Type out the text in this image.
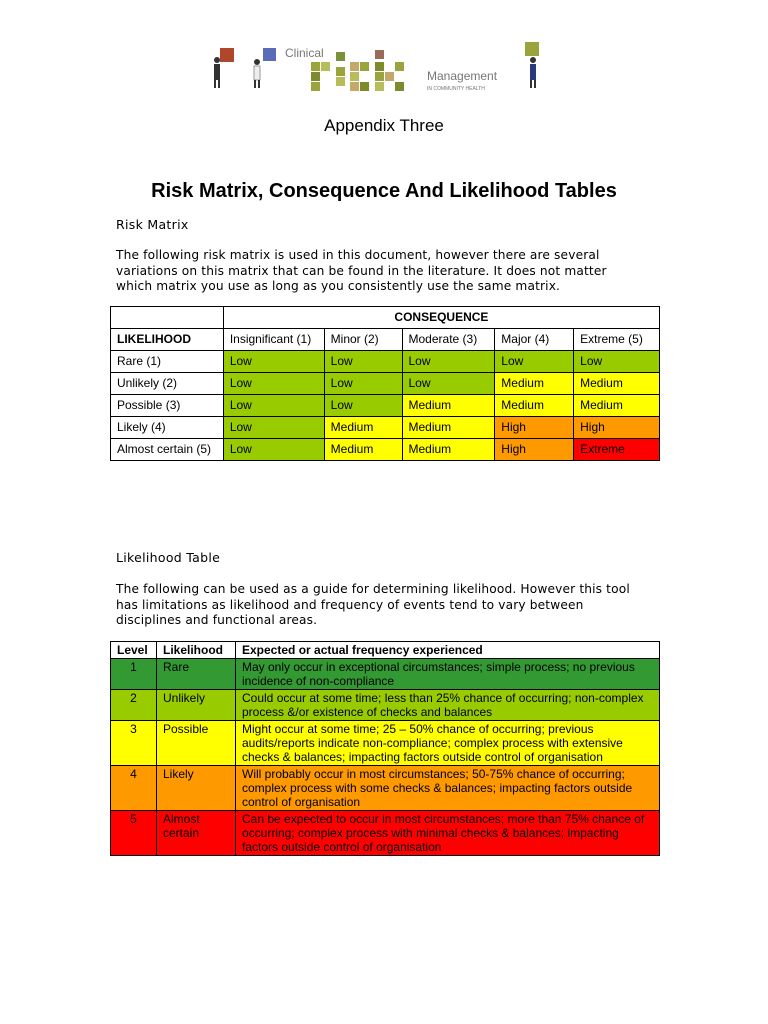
Clinical
Management
IN COMMUNITY HEALTH
Appendix Three
Risk Matrix, Consequence And Likelihood Tables
Risk Matrix
The following risk matrix is used in this document, however there are several
variations on this matrix that can be found in the literature. It does not matter
which matrix you use as long as you consistently use the same matrix.
	CONSEQUENCE				
LIKELIHOOD	Insignificant (1)	Minor (2)	Moderate (3)	Major (4)	Extreme (5)
Rare (1)	Low	Low	Low	Low	Low
Unlikely (2)	Low	Low	Low	Medium	Medium
Possible (3)	Low	Low	Medium	Medium	Medium
Likely (4)	Low	Medium	Medium	High	High
Almost certain (5)	Low	Medium	Medium	High	Extreme
Likelihood Table
The following can be used as a guide for determining likelihood. However this tool
has limitations as likelihood and frequency of events tend to vary between
disciplines and functional areas.
Level	Likelihood	Expected or actual frequency experienced
1	Rare	May only occur in exceptional circumstances; simple process; no previous incidence of non-compliance
2	Unlikely	Could occur at some time; less than 25% chance of occurring; non-complex process &/or existence of checks and balances
3	Possible	Might occur at some time; 25 – 50% chance of occurring; previous audits/reports indicate non-compliance; complex process with extensive checks & balances; impacting factors outside control of organisation
4	Likely	Will probably occur in most circumstances; 50-75% chance of occurring; complex process with some checks & balances; impacting factors outside control of organisation
5	Almost certain	Can be expected to occur in most circumstances; more than 75% chance of occurring; complex process with minimal checks & balances; impacting factors outside control of organisation
